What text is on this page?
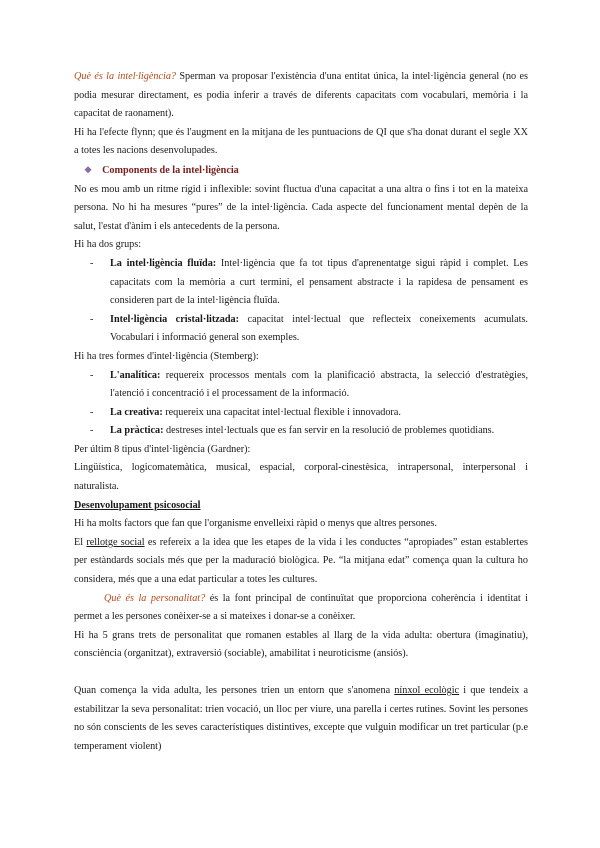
Què és la intel·ligència? Sperman va proposar l'existència d'una entitat única, la intel·ligència general (no es podia mesurar directament, es podia inferir a través de diferents capacitats com vocabulari, memòria i la capacitat de raonament).

Hi ha l'efecte flynn; que és l'augment en la mitjana de les puntuacions de QI que s'ha donat durant el segle XX a totes les nacions desenvolupades.

❖ Components de la intel·ligència

No es mou amb un ritme rígid i inflexible: sovint fluctua d'una capacitat a una altra o fins i tot en la mateixa persona. No hi ha mesures “pures” de la intel·ligència. Cada aspecte del funcionament mental depèn de la salut, l'estat d'ànim i els antecedents de la persona.

Hi ha dos grups:

- La intel·ligència fluïda: Intel·ligència que fa tot tipus d'aprenentatge sigui ràpid i complet. Les capacitats com la memòria a curt termini, el pensament abstracte i la rapidesa de pensament es consideren part de la intel·ligència fluïda.
- Intel·ligència cristal·litzada: capacitat intel·lectual que reflecteix coneixements acumulats. Vocabulari i informació general son exemples.

Hi ha tres formes d'intel·ligència (Stemberg):

- L'analítica: requereix processos mentals com la planificació abstracta, la selecció d'estratègies, l'atenció i concentració i el processament de la informació.
- La creativa: requereix una capacitat intel·lectual flexible i innovadora.
- La pràctica: destreses intel·lectuals que es fan servir en la resolució de problemes quotidians.

Per últim 8 tipus d'intel·ligència (Gardner):

Lingüística, logicomatemàtica, musical, espacial, corporal-cinestèsica, intrapersonal, interpersonal i naturalista.

Desenvolupament psicosocial

Hi ha molts factors que fan que l'organisme envelleixi ràpid o menys que altres persones.

El rellotge social es refereix a la idea que les etapes de la vida i les conductes “apropiades” estan establertes per estàndards socials més que per la maduració biològica. Pe. “la mitjana edat” comença quan la cultura ho considera, més que a una edat particular a totes les cultures.

Què és la personalitat? és la font principal de continuïtat que proporciona coherència i identitat i permet a les persones conèixer-se a si mateixes i donar-se a conèixer.

Hi ha 5 grans trets de personalitat que romanen estables al llarg de la vida adulta: obertura (imaginatiu), consciència (organitzat), extraversió (sociable), amabilitat i neuroticisme (ansiós).

Quan comença la vida adulta, les persones trien un entorn que s'anomena nínxol ecològic i que tendeix a estabilitzar la seva personalitat: trien vocació, un lloc per viure, una parella i certes rutines. Sovint les persones no són conscients de les seves característiques distintives, excepte que vulguin modificar un tret particular (p.e temperament violent)
